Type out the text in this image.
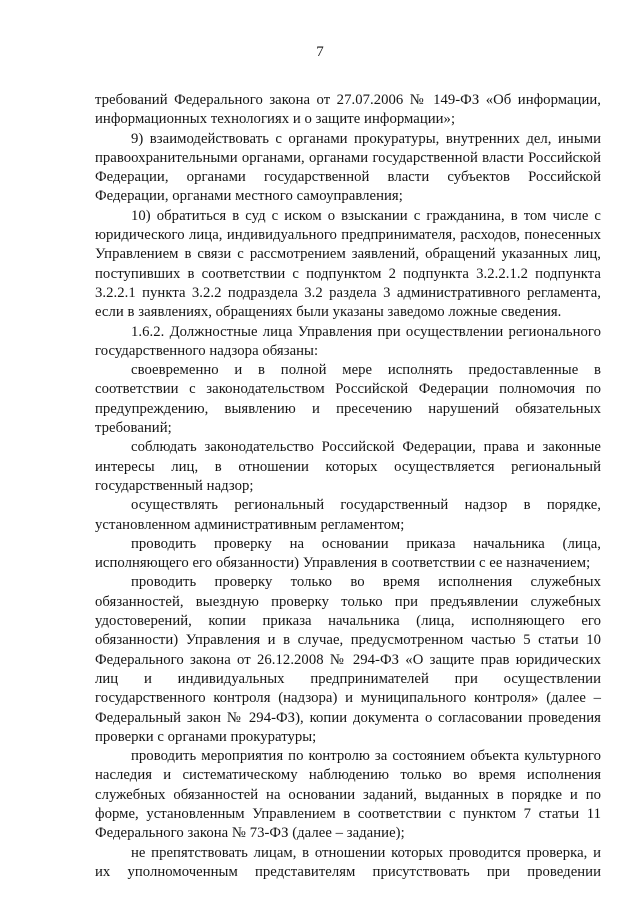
7

требований Федерального закона от 27.07.2006 № 149-ФЗ «Об информации, информационных технологиях и о защите информации»;

9) взаимодействовать с органами прокуратуры, внутренних дел, иными правоохранительными органами, органами государственной власти Российской Федерации, органами государственной власти субъектов Российской Федерации, органами местного самоуправления;

10) обратиться в суд с иском о взыскании с гражданина, в том числе с юридического лица, индивидуального предпринимателя, расходов, понесенных Управлением в связи с рассмотрением заявлений, обращений указанных лиц, поступивших в соответствии с подпунктом 2 подпункта 3.2.2.1.2 подпункта 3.2.2.1 пункта 3.2.2 подраздела 3.2 раздела 3 административного регламента, если в заявлениях, обращениях были указаны заведомо ложные сведения.

1.6.2. Должностные лица Управления при осуществлении регионального государственного надзора обязаны:

своевременно и в полной мере исполнять предоставленные в соответствии с законодательством Российской Федерации полномочия по предупреждению, выявлению и пресечению нарушений обязательных требований;

соблюдать законодательство Российской Федерации, права и законные интересы лиц, в отношении которых осуществляется региональный государственный надзор;

осуществлять региональный государственный надзор в порядке, установленном административным регламентом;

проводить проверку на основании приказа начальника (лица, исполняющего его обязанности) Управления в соответствии с ее назначением;

проводить проверку только во время исполнения служебных обязанностей, выездную проверку только при предъявлении служебных удостоверений, копии приказа начальника (лица, исполняющего его обязанности) Управления и в случае, предусмотренном частью 5 статьи 10 Федерального закона от 26.12.2008 № 294-ФЗ «О защите прав юридических лиц и индивидуальных предпринимателей при осуществлении государственного контроля (надзора) и муниципального контроля» (далее – Федеральный закон № 294-ФЗ), копии документа о согласовании проведения проверки с органами прокуратуры;

проводить мероприятия по контролю за состоянием объекта культурного наследия и систематическому наблюдению только во время исполнения служебных обязанностей на основании заданий, выданных в порядке и по форме, установленным Управлением в соответствии с пунктом 7 статьи 11 Федерального закона № 73-ФЗ (далее – задание);

не препятствовать лицам, в отношении которых проводится проверка, и их уполномоченным представителям присутствовать при проведении
